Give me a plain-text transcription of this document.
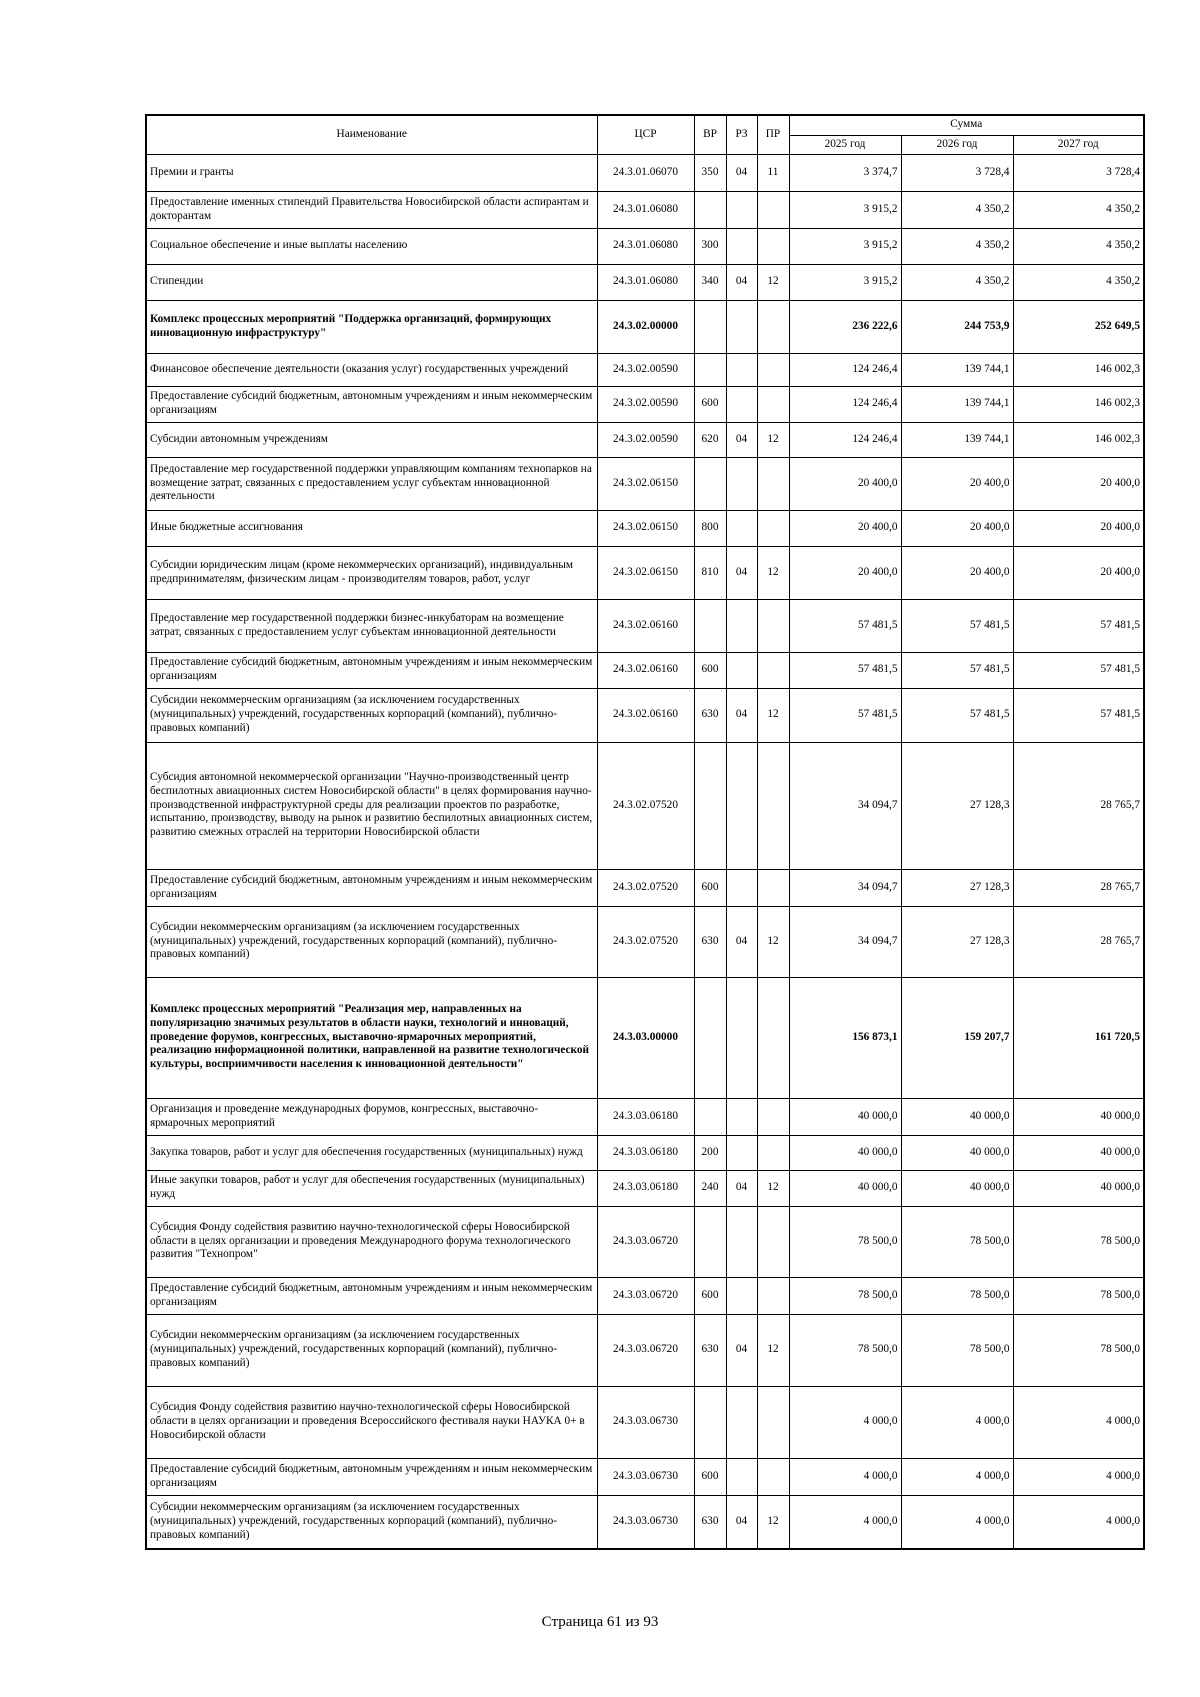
Наименование	ЦСР	ВР	РЗ	ПР	Сумма		
					2025 год	2026 год	2027 год
Премии и гранты	24.3.01.06070	350	04	11	3 374,7	3 728,4	3 728,4
Предоставление именных стипендий Правительства Новосибирской области аспирантам и докторантам	24.3.01.06080				3 915,2	4 350,2	4 350,2
Социальное обеспечение и иные выплаты населению	24.3.01.06080	300			3 915,2	4 350,2	4 350,2
Стипендии	24.3.01.06080	340	04	12	3 915,2	4 350,2	4 350,2
Комплекс процессных мероприятий "Поддержка организаций, формирующих инновационную инфраструктуру"	24.3.02.00000				236 222,6	244 753,9	252 649,5
Финансовое обеспечение деятельности (оказания услуг) государственных учреждений	24.3.02.00590				124 246,4	139 744,1	146 002,3
Предоставление субсидий бюджетным, автономным учреждениям и иным некоммерческим организациям	24.3.02.00590	600			124 246,4	139 744,1	146 002,3
Субсидии автономным учреждениям	24.3.02.00590	620	04	12	124 246,4	139 744,1	146 002,3
Предоставление мер государственной поддержки управляющим компаниям технопарков на возмещение затрат, связанных с предоставлением услуг субъектам инновационной деятельности	24.3.02.06150				20 400,0	20 400,0	20 400,0
Иные бюджетные ассигнования	24.3.02.06150	800			20 400,0	20 400,0	20 400,0
Субсидии юридическим лицам (кроме некоммерческих организаций), индивидуальным предпринимателям, физическим лицам - производителям товаров, работ, услуг	24.3.02.06150	810	04	12	20 400,0	20 400,0	20 400,0
Предоставление мер государственной поддержки бизнес-инкубаторам на возмещение затрат, связанных с предоставлением услуг субъектам инновационной деятельности	24.3.02.06160				57 481,5	57 481,5	57 481,5
Предоставление субсидий бюджетным, автономным учреждениям и иным некоммерческим организациям	24.3.02.06160	600			57 481,5	57 481,5	57 481,5
Субсидии некоммерческим организациям (за исключением государственных (муниципальных) учреждений, государственных корпораций (компаний), публично-правовых компаний)	24.3.02.06160	630	04	12	57 481,5	57 481,5	57 481,5
Субсидия автономной некоммерческой организации "Научно-производственный центр беспилотных авиационных систем Новосибирской области" в целях формирования научно-производственной инфраструктурной среды для реализации проектов по разработке, испытанию, производству, выводу на рынок и развитию беспилотных авиационных систем, развитию смежных отраслей на территории Новосибирской области	24.3.02.07520				34 094,7	27 128,3	28 765,7
Предоставление субсидий бюджетным, автономным учреждениям и иным некоммерческим организациям	24.3.02.07520	600			34 094,7	27 128,3	28 765,7
Субсидии некоммерческим организациям (за исключением государственных (муниципальных) учреждений, государственных корпораций (компаний), публично-правовых компаний)	24.3.02.07520	630	04	12	34 094,7	27 128,3	28 765,7
Комплекс процессных мероприятий "Реализация мер, направленных на популяризацию значимых результатов в области науки, технологий и инноваций, проведение форумов, конгрессных, выставочно-ярмарочных мероприятий, реализацию информационной политики, направленной на развитие технологической культуры, восприимчивости населения к инновационной деятельности"	24.3.03.00000				156 873,1	159 207,7	161 720,5
Организация и проведение международных форумов, конгрессных, выставочно-ярмарочных мероприятий	24.3.03.06180				40 000,0	40 000,0	40 000,0
Закупка товаров, работ и услуг для обеспечения государственных (муниципальных) нужд	24.3.03.06180	200			40 000,0	40 000,0	40 000,0
Иные закупки товаров, работ и услуг для обеспечения государственных (муниципальных) нужд	24.3.03.06180	240	04	12	40 000,0	40 000,0	40 000,0
Субсидия Фонду содействия развитию научно-технологической сферы Новосибирской области в целях организации и проведения Международного форума технологического развития "Технопром"	24.3.03.06720				78 500,0	78 500,0	78 500,0
Предоставление субсидий бюджетным, автономным учреждениям и иным некоммерческим организациям	24.3.03.06720	600			78 500,0	78 500,0	78 500,0
Субсидии некоммерческим организациям (за исключением государственных (муниципальных) учреждений, государственных корпораций (компаний), публично-правовых компаний)	24.3.03.06720	630	04	12	78 500,0	78 500,0	78 500,0
Субсидия Фонду содействия развитию научно-технологической сферы Новосибирской области в целях организации и проведения Всероссийского фестиваля науки НАУКА 0+ в Новосибирской области	24.3.03.06730				4 000,0	4 000,0	4 000,0
Предоставление субсидий бюджетным, автономным учреждениям и иным некоммерческим организациям	24.3.03.06730	600			4 000,0	4 000,0	4 000,0
Субсидии некоммерческим организациям (за исключением государственных (муниципальных) учреждений, государственных корпораций (компаний), публично-правовых компаний)	24.3.03.06730	630	04	12	4 000,0	4 000,0	4 000,0
Страница 61 из 93
